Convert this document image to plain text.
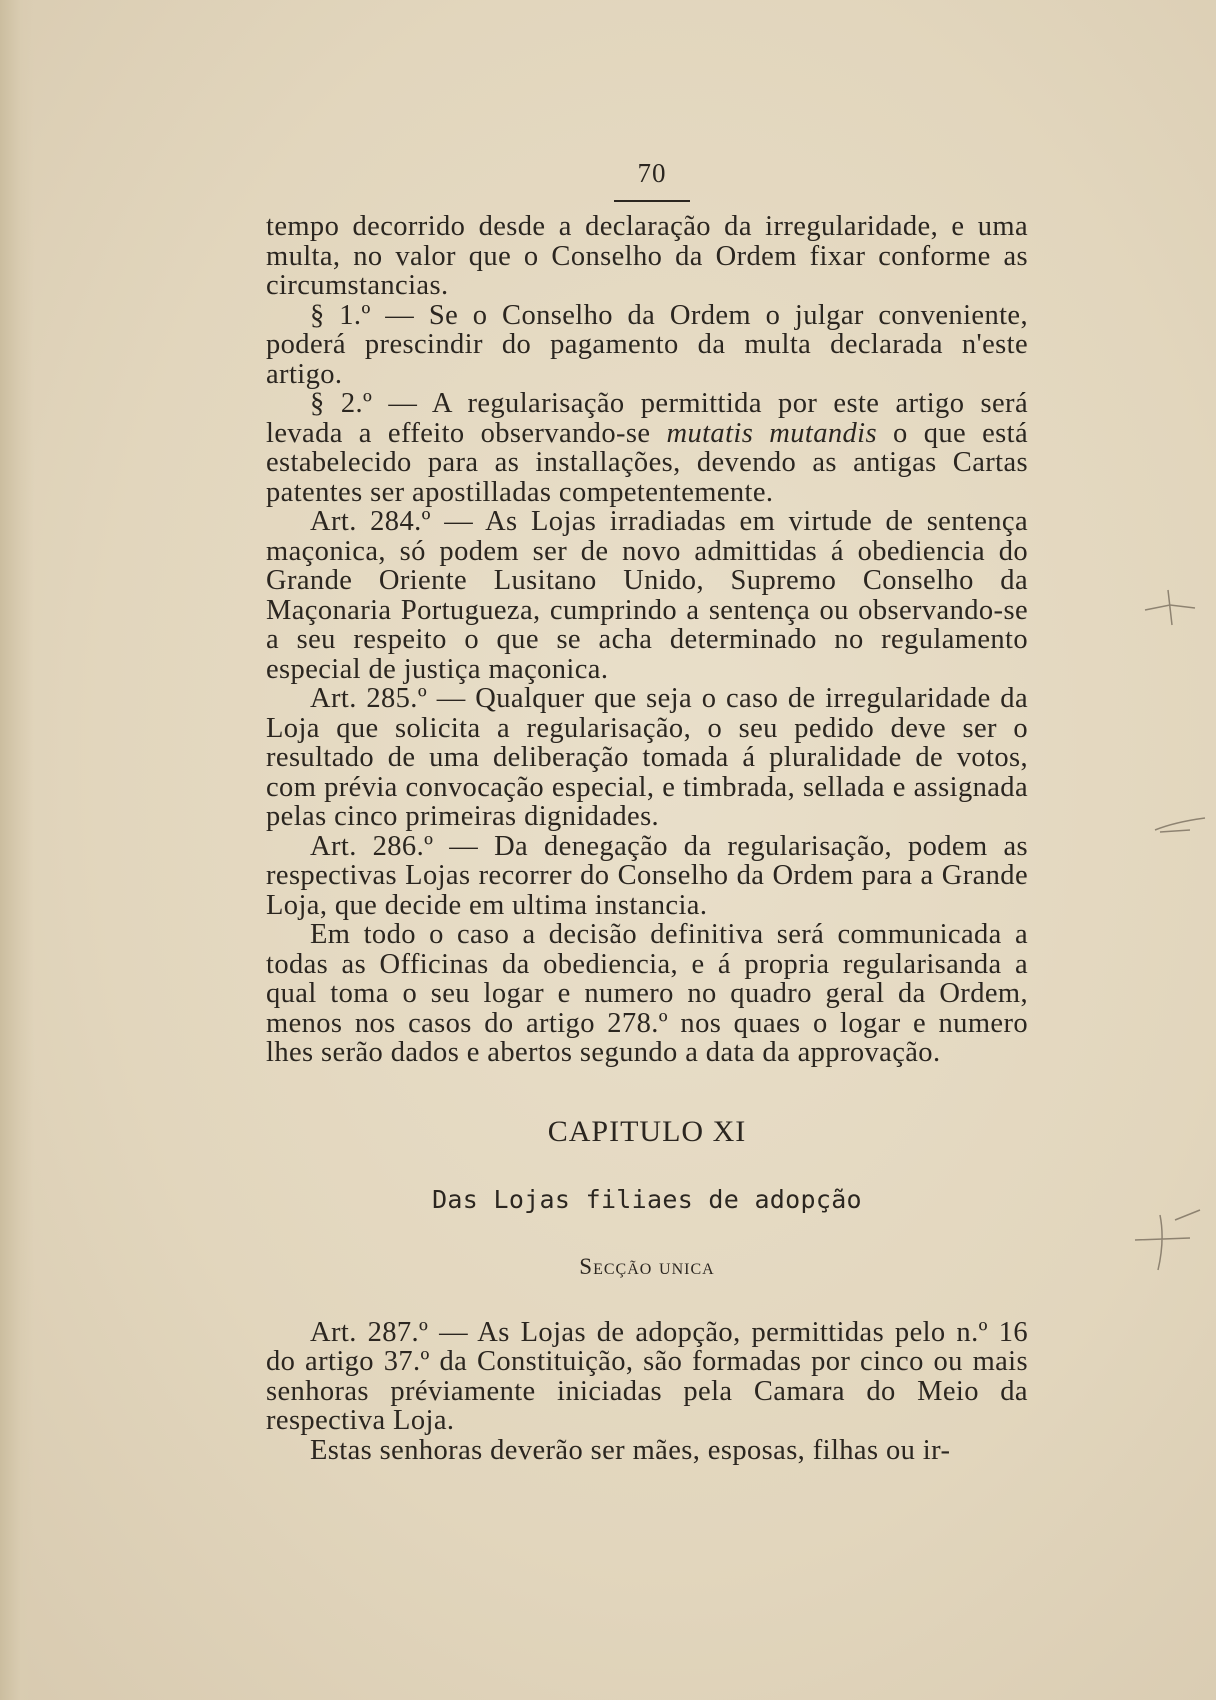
70

tempo decorrido desde a declaração da irregularidade, e uma multa, no valor que o Conselho da Ordem fixar conforme as circumstancias.

§ 1.º — Se o Conselho da Ordem o julgar conveniente, poderá prescindir do pagamento da multa declarada n'este artigo.

§ 2.º — A regularisação permittida por este artigo será levada a effeito observando-se mutatis mutandis o que está estabelecido para as installações, devendo as antigas Cartas patentes ser apostilladas competentemente.

Art. 284.º — As Lojas irradiadas em virtude de sentença maçonica, só podem ser de novo admittidas á obediencia do Grande Oriente Lusitano Unido, Supremo Conselho da Maçonaria Portugueza, cumprindo a sentença ou observando-se a seu respeito o que se acha determinado no regulamento especial de justiça maçonica.

Art. 285.º — Qualquer que seja o caso de irregularidade da Loja que solicita a regularisação, o seu pedido deve ser o resultado de uma deliberação tomada á pluralidade de votos, com prévia convocação especial, e timbrada, sellada e assignada pelas cinco primeiras dignidades.

Art. 286.º — Da denegação da regularisação, podem as respectivas Lojas recorrer do Conselho da Ordem para a Grande Loja, que decide em ultima instancia.

Em todo o caso a decisão definitiva será communicada a todas as Officinas da obediencia, e á propria regularisanda a qual toma o seu logar e numero no quadro geral da Ordem, menos nos casos do artigo 278.º nos quaes o logar e numero lhes serão dados e abertos segundo a data da approvação.

CAPITULO XI
Das Lojas filiaes de adopção
Secção unica

Art. 287.º — As Lojas de adopção, permittidas pelo n.º 16 do artigo 37.º da Constituição, são formadas por cinco ou mais senhoras préviamente iniciadas pela Camara do Meio da respectiva Loja.

Estas senhoras deverão ser mães, esposas, filhas ou ir-
